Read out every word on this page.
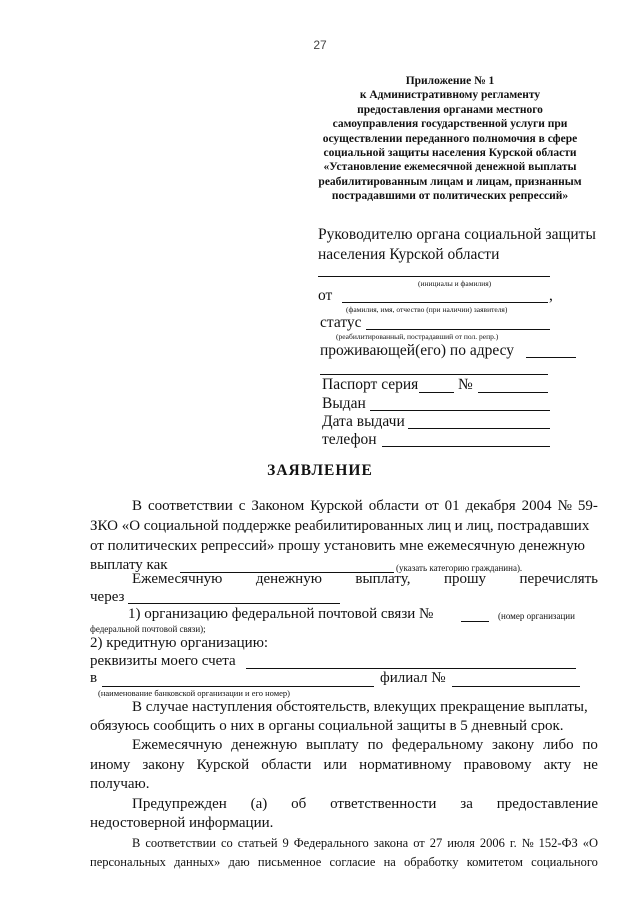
27
Приложение № 1
к Административному регламенту
предоставления органами местного
самоуправления государственной услуги при
осуществлении переданного полномочия в сфере
социальной защиты населения Курской области
«Установление ежемесячной денежной выплаты
реабилитированным лицам и лицам, признанным
пострадавшими от политических репрессий»
Руководителю органа социальной защиты
населения Курской области
(инициалы и фамилия)
от	,
(фамилия, имя, отчество (при наличии) заявителя)
статус
(реабилитированный, пострадавший от пол. репр.)
проживающей(его) по адресу
Паспорт серия	№
Выдан
Дата выдачи
телефон
ЗАЯВЛЕНИЕ
В соответствии с Законом Курской области от 01 декабря 2004 № 59-
ЗКО «О социальной поддержке реабилитированных лиц и лиц, пострадавших
от политических репрессий» прошу установить мне ежемесячную денежную
выплату как	(указать категорию гражданина).
Ежемесячную денежную выплату, прошу перечислять
через
1) организацию федеральной почтовой связи №	(номер организации
федеральной почтовой связи);
2) кредитную организацию:
реквизиты моего счета
в	филиал №
(наименование банковской организации и его номер)
В случае наступления обстоятельств, влекущих прекращение выплаты,
обязуюсь сообщить о них в органы социальной защиты в 5 дневный срок.
Ежемесячную денежную выплату по федеральному закону либо по
иному закону Курской области или нормативному правовому акту не
получаю.
Предупрежден (а) об ответственности за предоставление
недостоверной информации.
В соответствии со статьей 9 Федерального закона от 27 июля 2006 г. № 152-ФЗ «О
персональных данных» даю письменное согласие на обработку комитетом социального
